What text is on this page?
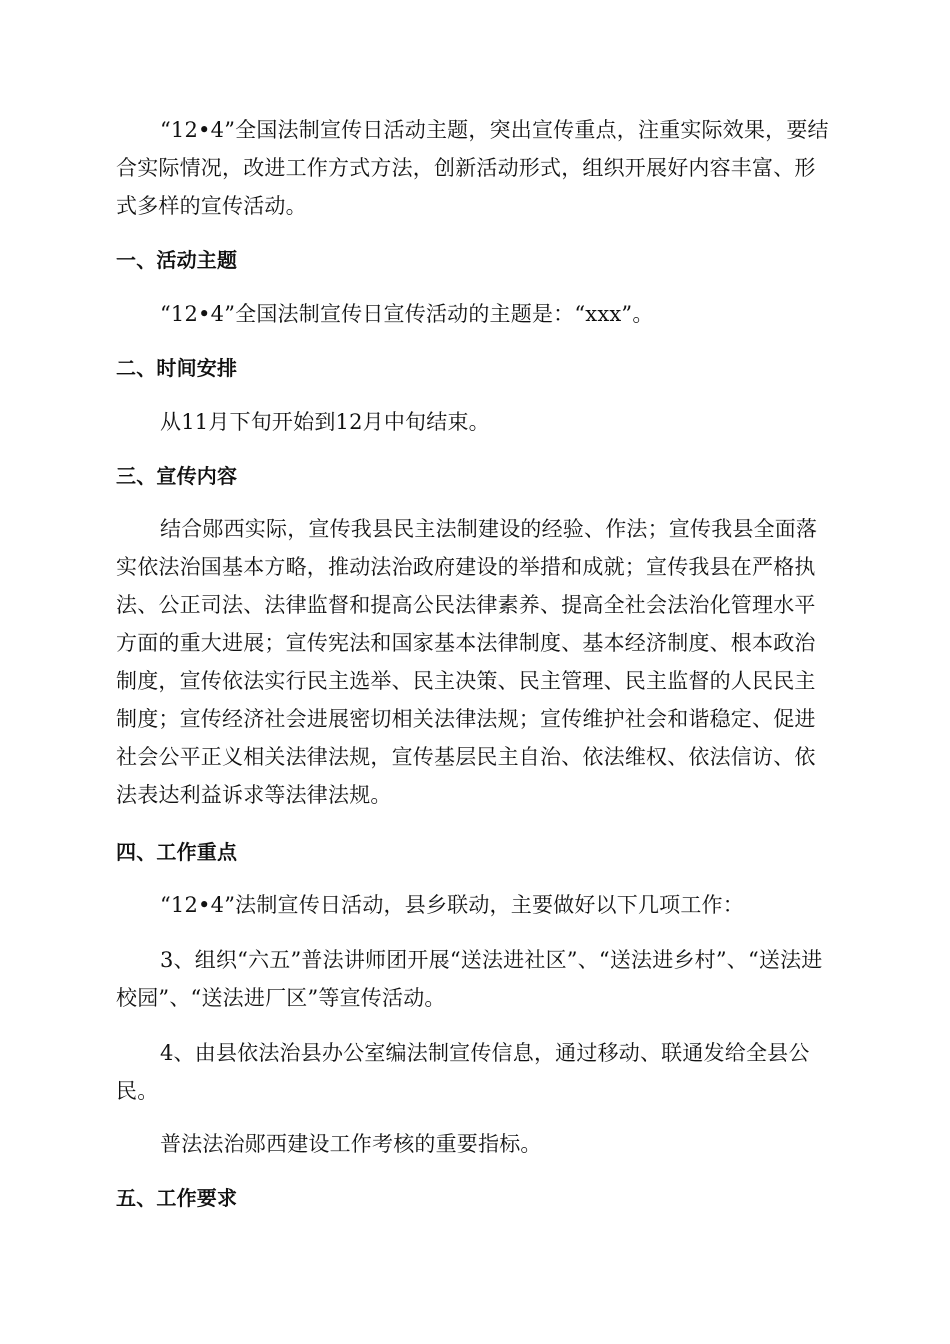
“12•4”全国法制宣传日活动主题，突出宣传重点，注重实际效果，要结合实际情况，改进工作方式方法，创新活动形式，组织开展好内容丰富、形式多样的宣传活动。

一、活动主题

“12•4”全国法制宣传日宣传活动的主题是：“xxx”。

二、时间安排

从11月下旬开始到12月中旬结束。

三、宣传内容

结合郧西实际，宣传我县民主法制建设的经验、作法；宣传我县全面落实依法治国基本方略，推动法治政府建设的举措和成就；宣传我县在严格执法、公正司法、法律监督和提高公民法律素养、提高全社会法治化管理水平方面的重大进展；宣传宪法和国家基本法律制度、基本经济制度、根本政治制度，宣传依法实行民主选举、民主决策、民主管理、民主监督的人民民主制度；宣传经济社会进展密切相关法律法规；宣传维护社会和谐稳定、促进社会公平正义相关法律法规，宣传基层民主自治、依法维权、依法信访、依法表达利益诉求等法律法规。

四、工作重点

“12•4”法制宣传日活动，县乡联动，主要做好以下几项工作：

3、组织“六五”普法讲师团开展“送法进社区”、“送法进乡村”、“送法进校园”、“送法进厂区”等宣传活动。

4、由县依法治县办公室编法制宣传信息，通过移动、联通发给全县公民。

普法法治郧西建设工作考核的重要指标。

五、工作要求
